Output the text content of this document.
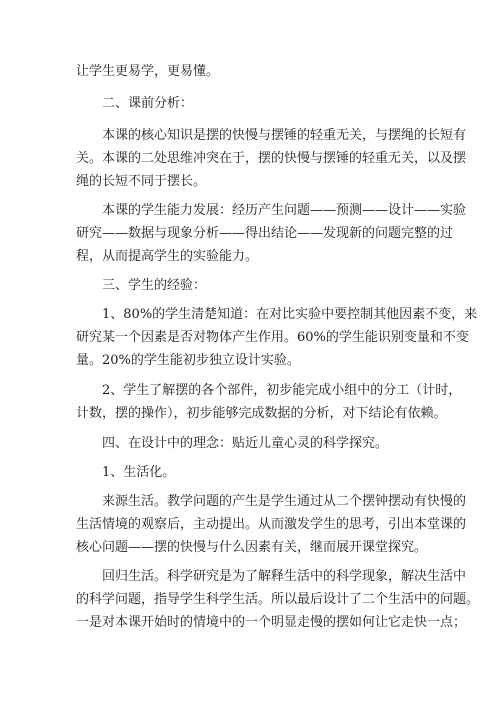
让学生更易学，更易懂。
二、课前分析：
本课的核心知识是摆的快慢与摆锤的轻重无关，与摆绳的长短有
关。本课的二处思维冲突在于，摆的快慢与摆锤的轻重无关，以及摆
绳的长短不同于摆长。
本课的学生能力发展：经历产生问题——预测——设计——实验
研究——数据与现象分析——得出结论——发现新的问题完整的过
程，从而提高学生的实验能力。
三、学生的经验：
1、80%的学生清楚知道：在对比实验中要控制其他因素不变，来
研究某一个因素是否对物体产生作用。60%的学生能识别变量和不变
量。20%的学生能初步独立设计实验。
2、学生了解摆的各个部件，初步能完成小组中的分工（计时，
计数，摆的操作），初步能够完成数据的分析，对下结论有依赖。
四、在设计中的理念：贴近儿童心灵的科学探究。
1、生活化。
来源生活。教学问题的产生是学生通过从二个摆钟摆动有快慢的
生活情境的观察后，主动提出。从而激发学生的思考，引出本堂课的
核心问题——摆的快慢与什么因素有关，继而展开课堂探究。
回归生活。科学研究是为了解释生活中的科学现象，解决生活中
的科学问题，指导学生科学生活。所以最后设计了二个生活中的问题。
一是对本课开始时的情境中的一个明显走慢的摆如何让它走快一点；
